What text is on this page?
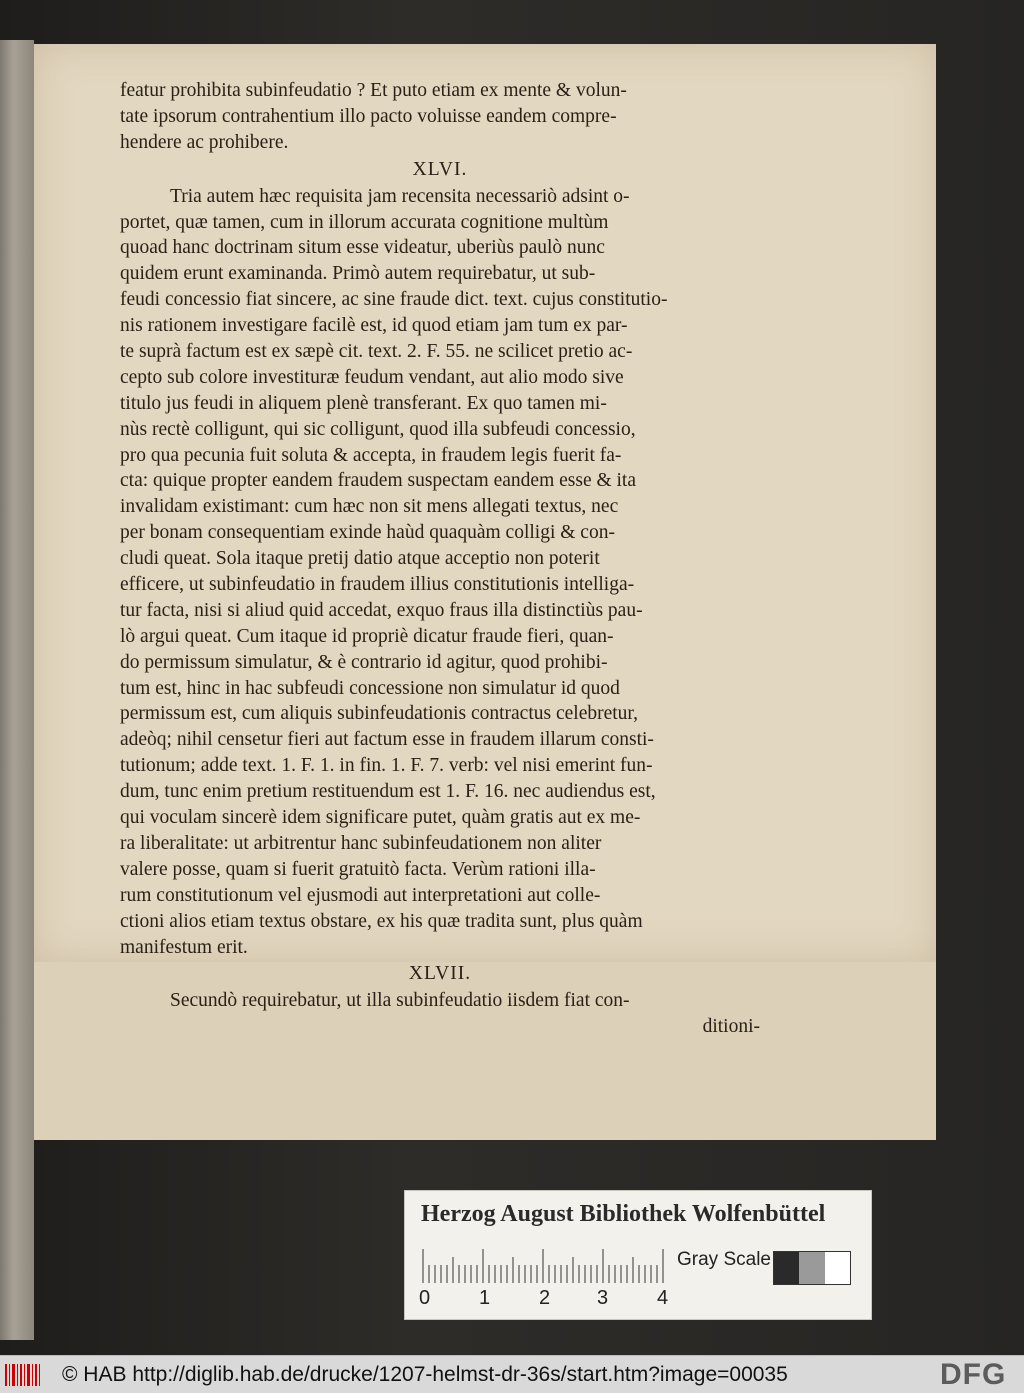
featur prohibita subinfeudatio ? Et puto etiam ex mente & volun-
tate ipsorum contrahentium illo pacto voluisse eandem compre-
hendere ac prohibere.
XLVI.
Tria autem hæc requisita jam recensita necessariò adsint o-
portet, quæ tamen, cum in illorum accurata cognitione multùm
quoad hanc doctrinam situm esse videatur, uberiùs paulò nunc
quidem erunt examinanda. Primò autem requirebatur, ut sub-
feudi concessio fiat sincere, ac sine fraude dict. text. cujus constitutio-
nis rationem investigare facilè est, id quod etiam jam tum ex par-
te suprà factum est ex sæpè cit. text. 2. F. 55. ne scilicet pretio ac-
cepto sub colore investituræ feudum vendant, aut alio modo sive
titulo jus feudi in aliquem plenè transferant. Ex quo tamen mi-
nùs rectè colligunt, qui sic colligunt, quod illa subfeudi concessio,
pro qua pecunia fuit soluta & accepta, in fraudem legis fuerit fa-
cta: quique propter eandem fraudem suspectam eandem esse & ita
invalidam existimant: cum hæc non sit mens allegati textus, nec
per bonam consequentiam exinde haùd quaquàm colligi & con-
cludi queat. Sola itaque pretij datio atque acceptio non poterit
efficere, ut subinfeudatio in fraudem illius constitutionis intelliga-
tur facta, nisi si aliud quid accedat, exquo fraus illa distinctiùs pau-
lò argui queat. Cum itaque id propriè dicatur fraude fieri, quan-
do permissum simulatur, & è contrario id agitur, quod prohibi-
tum est, hinc in hac subfeudi concessione non simulatur id quod
permissum est, cum aliquis subinfeudationis contractus celebretur,
adeòq; nihil censetur fieri aut factum esse in fraudem illarum consti-
tutionum; adde text. 1. F. 1. in fin. 1. F. 7. verb: vel nisi emerint fun-
dum, tunc enim pretium restituendum est 1. F. 16. nec audiendus est,
qui voculam sincerè idem significare putet, quàm gratis aut ex me-
ra liberalitate: ut arbitrentur hanc subinfeudationem non aliter
valere posse, quam si fuerit gratuitò facta. Verùm rationi illa-
rum constitutionum vel ejusmodi aut interpretationi aut colle-
ctioni alios etiam textus obstare, ex his quæ tradita sunt, plus quàm
manifestum erit.
XLVII.
Secundò requirebatur, ut illa subinfeudatio iisdem fiat con-
ditioni-
Herzog August Bibliothek Wolfenbüttel
0 1 2 3 4
Gray Scale
© HAB http://diglib.hab.de/drucke/1207-helmst-dr-36s/start.htm?image=00035	DFG
